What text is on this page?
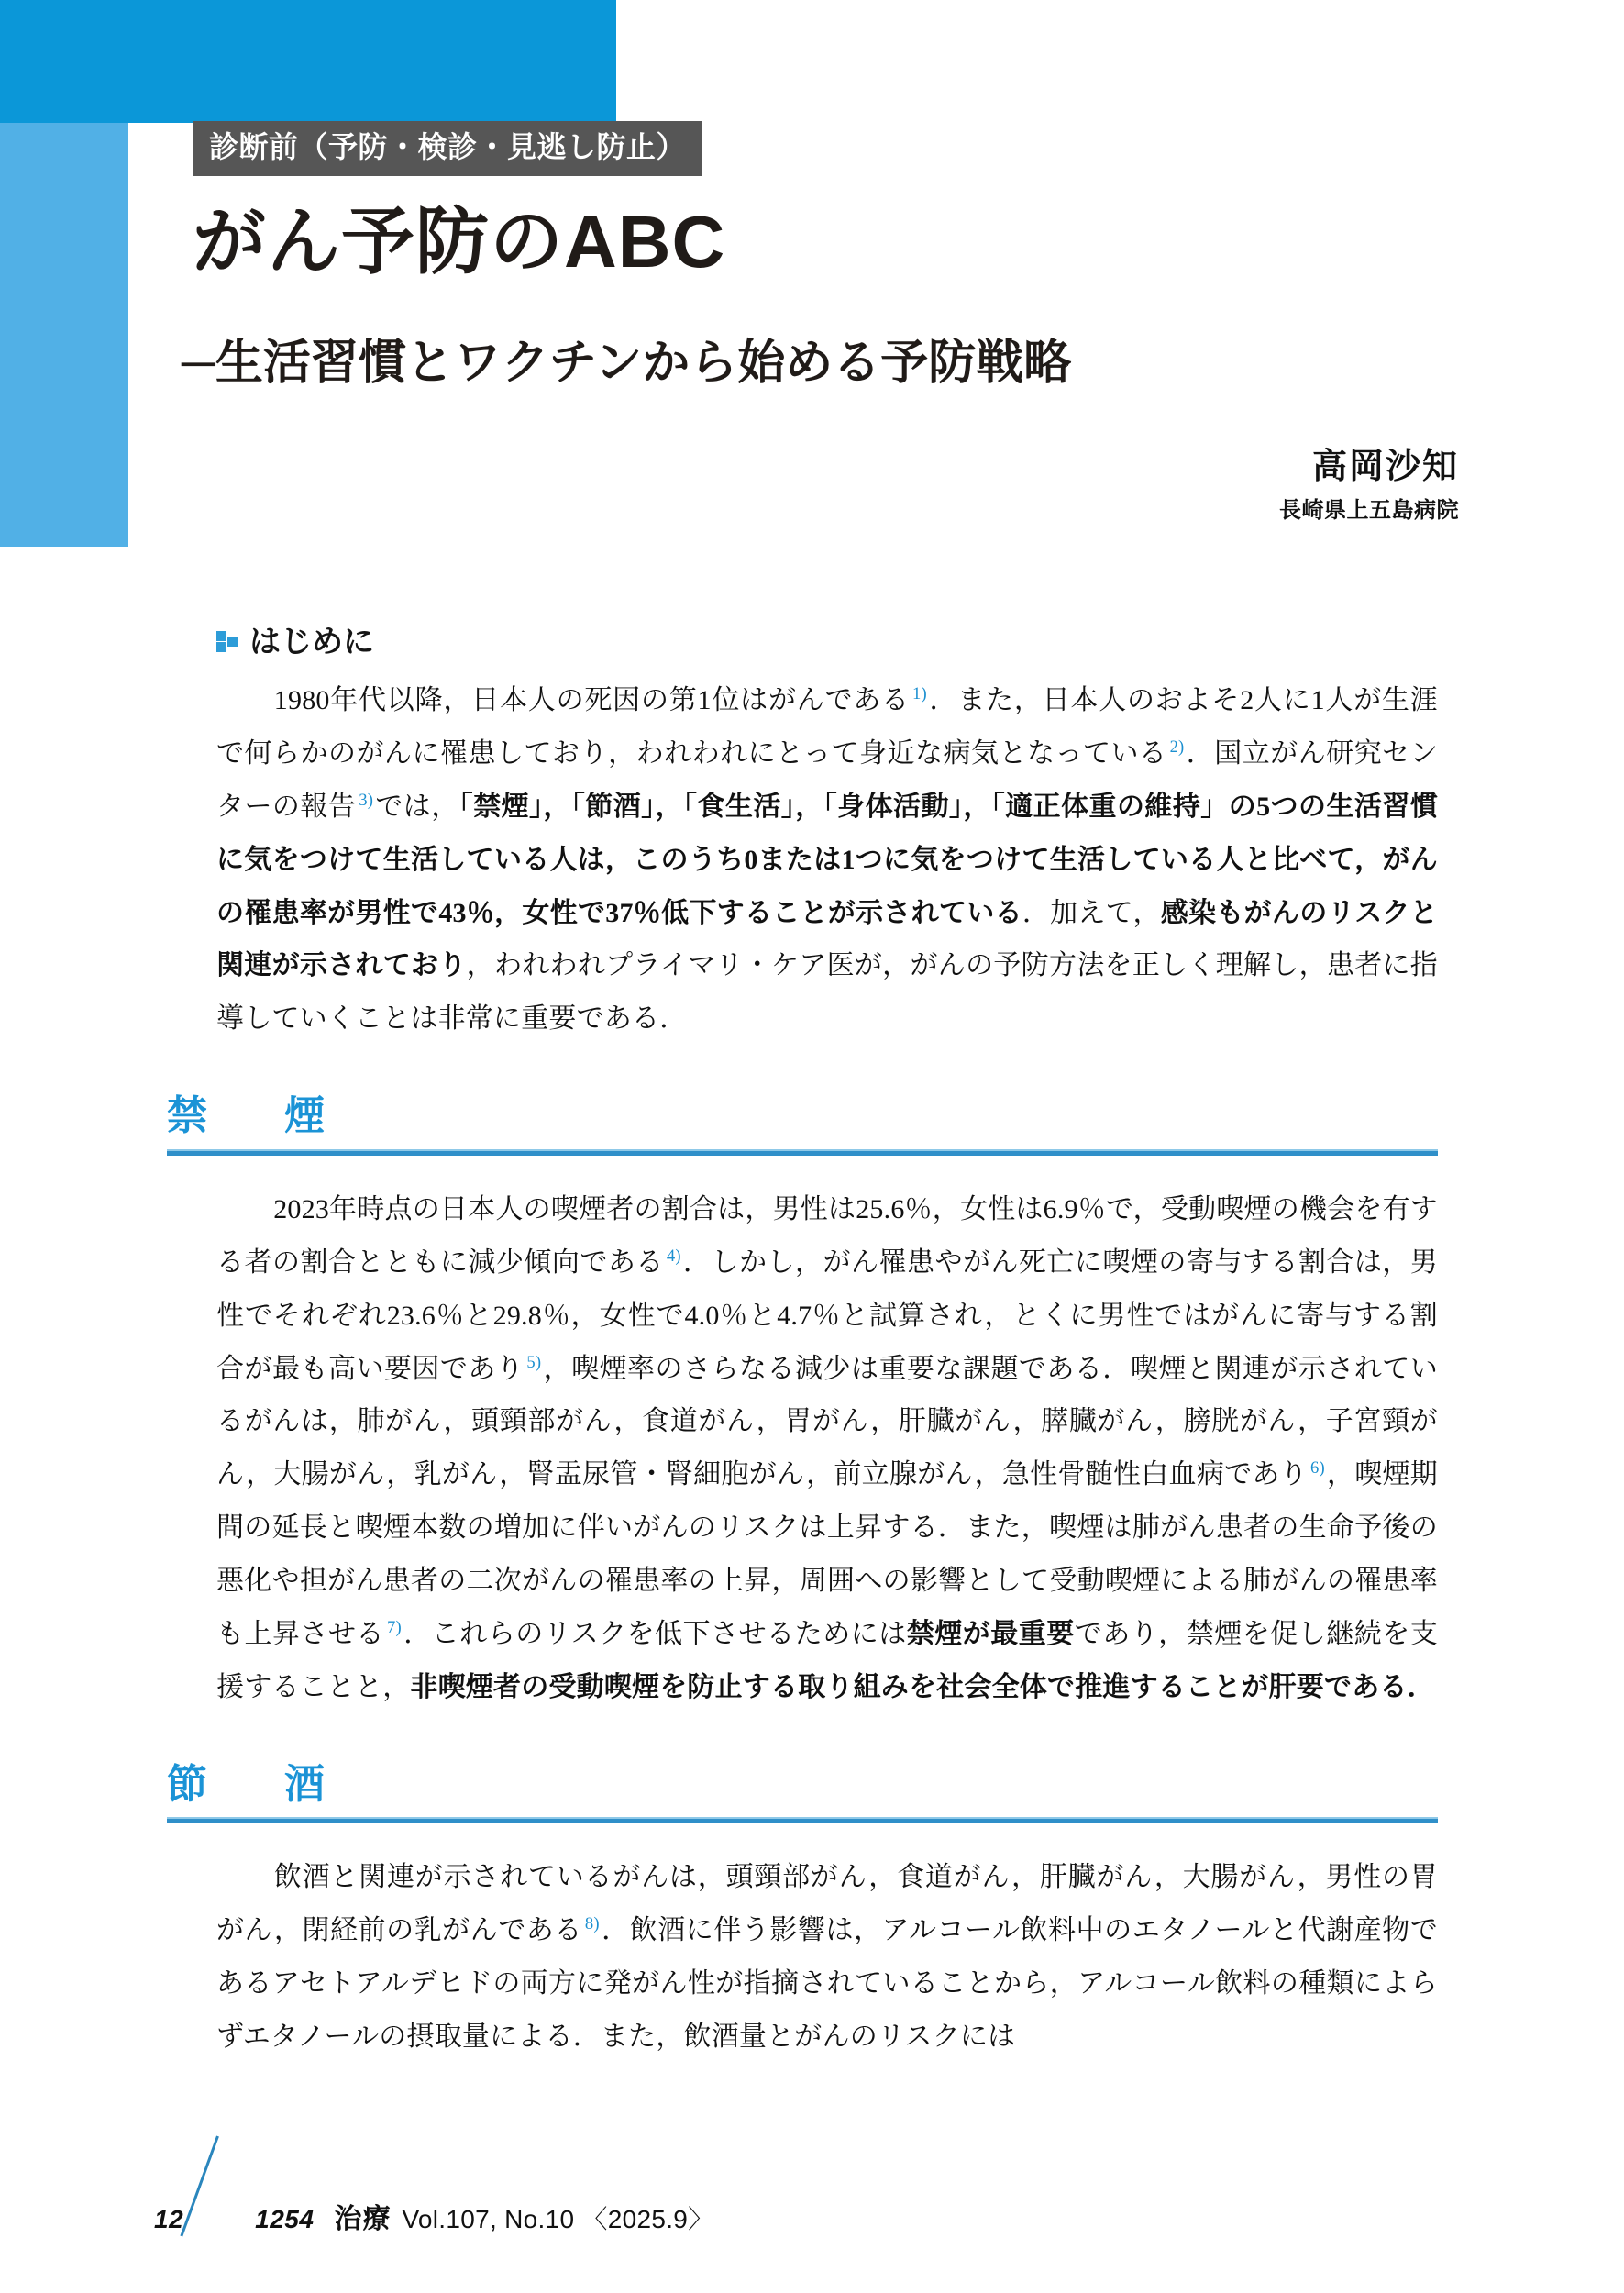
診断前（予防・検診・見逃し防止）
がん予防のABC
─生活習慣とワクチンから始める予防戦略
高岡沙知
長崎県上五島病院
はじめに

　1980年代以降，日本人の死因の第1位はがんである $^{1)}$．また，日本人のおよそ2人に1人が生涯で何らかのがんに罹患しており，われわれにとって身近な病気となっている $^{2)}$．国立がん研究センターの報告 $^{3)}$では，「禁煙」，「節酒」，「食生活」，「身体活動」，「適正体重の維持」の5つの生活習慣に気をつけて生活している人は，このうち0または1つに気をつけて生活している人と比べて，がんの罹患率が男性で43％，女性で37％低下することが示されている．加えて，感染もがんのリスクと関連が示されており，われわれプライマリ・ケア医が，がんの予防方法を正しく理解し，患者に指導していくことは非常に重要である．

禁　煙

　2023年時点の日本人の喫煙者の割合は，男性は25.6％，女性は6.9％で，受動喫煙の機会を有する者の割合とともに減少傾向である $^{4)}$．しかし，がん罹患やがん死亡に喫煙の寄与する割合は，男性でそれぞれ23.6％と29.8％，女性で4.0％と4.7％と試算され，とくに男性ではがんに寄与する割合が最も高い要因であり $^{5)}$，喫煙率のさらなる減少は重要な課題である．喫煙と関連が示されているがんは，肺がん，頭頸部がん，食道がん，胃がん，肝臓がん，膵臓がん，膀胱がん，子宮頸がん，大腸がん，乳がん，腎盂尿管・腎細胞がん，前立腺がん，急性骨髄性白血病であり $^{6)}$，喫煙期間の延長と喫煙本数の増加に伴いがんのリスクは上昇する．また，喫煙は肺がん患者の生命予後の悪化や担がん患者の二次がんの罹患率の上昇，周囲への影響として受動喫煙による肺がんの罹患率も上昇させる $^{7)}$．これらのリスクを低下させるためには禁煙が最重要であり，禁煙を促し継続を支援することと，非喫煙者の受動喫煙を防止する取り組みを社会全体で推進することが肝要である．

節　酒

　飲酒と関連が示されているがんは，頭頸部がん，食道がん，肝臓がん，大腸がん，男性の胃がん，閉経前の乳がんである $^{8)}$．飲酒に伴う影響は，アルコール飲料中のエタノールと代謝産物であるアセトアルデヒドの両方に発がん性が指摘されていることから，アルコール飲料の種類によらずエタノールの摂取量による．また，飲酒量とがんのリスクには

12	1254 治療 Vol.107, No.10 〈2025.9〉
